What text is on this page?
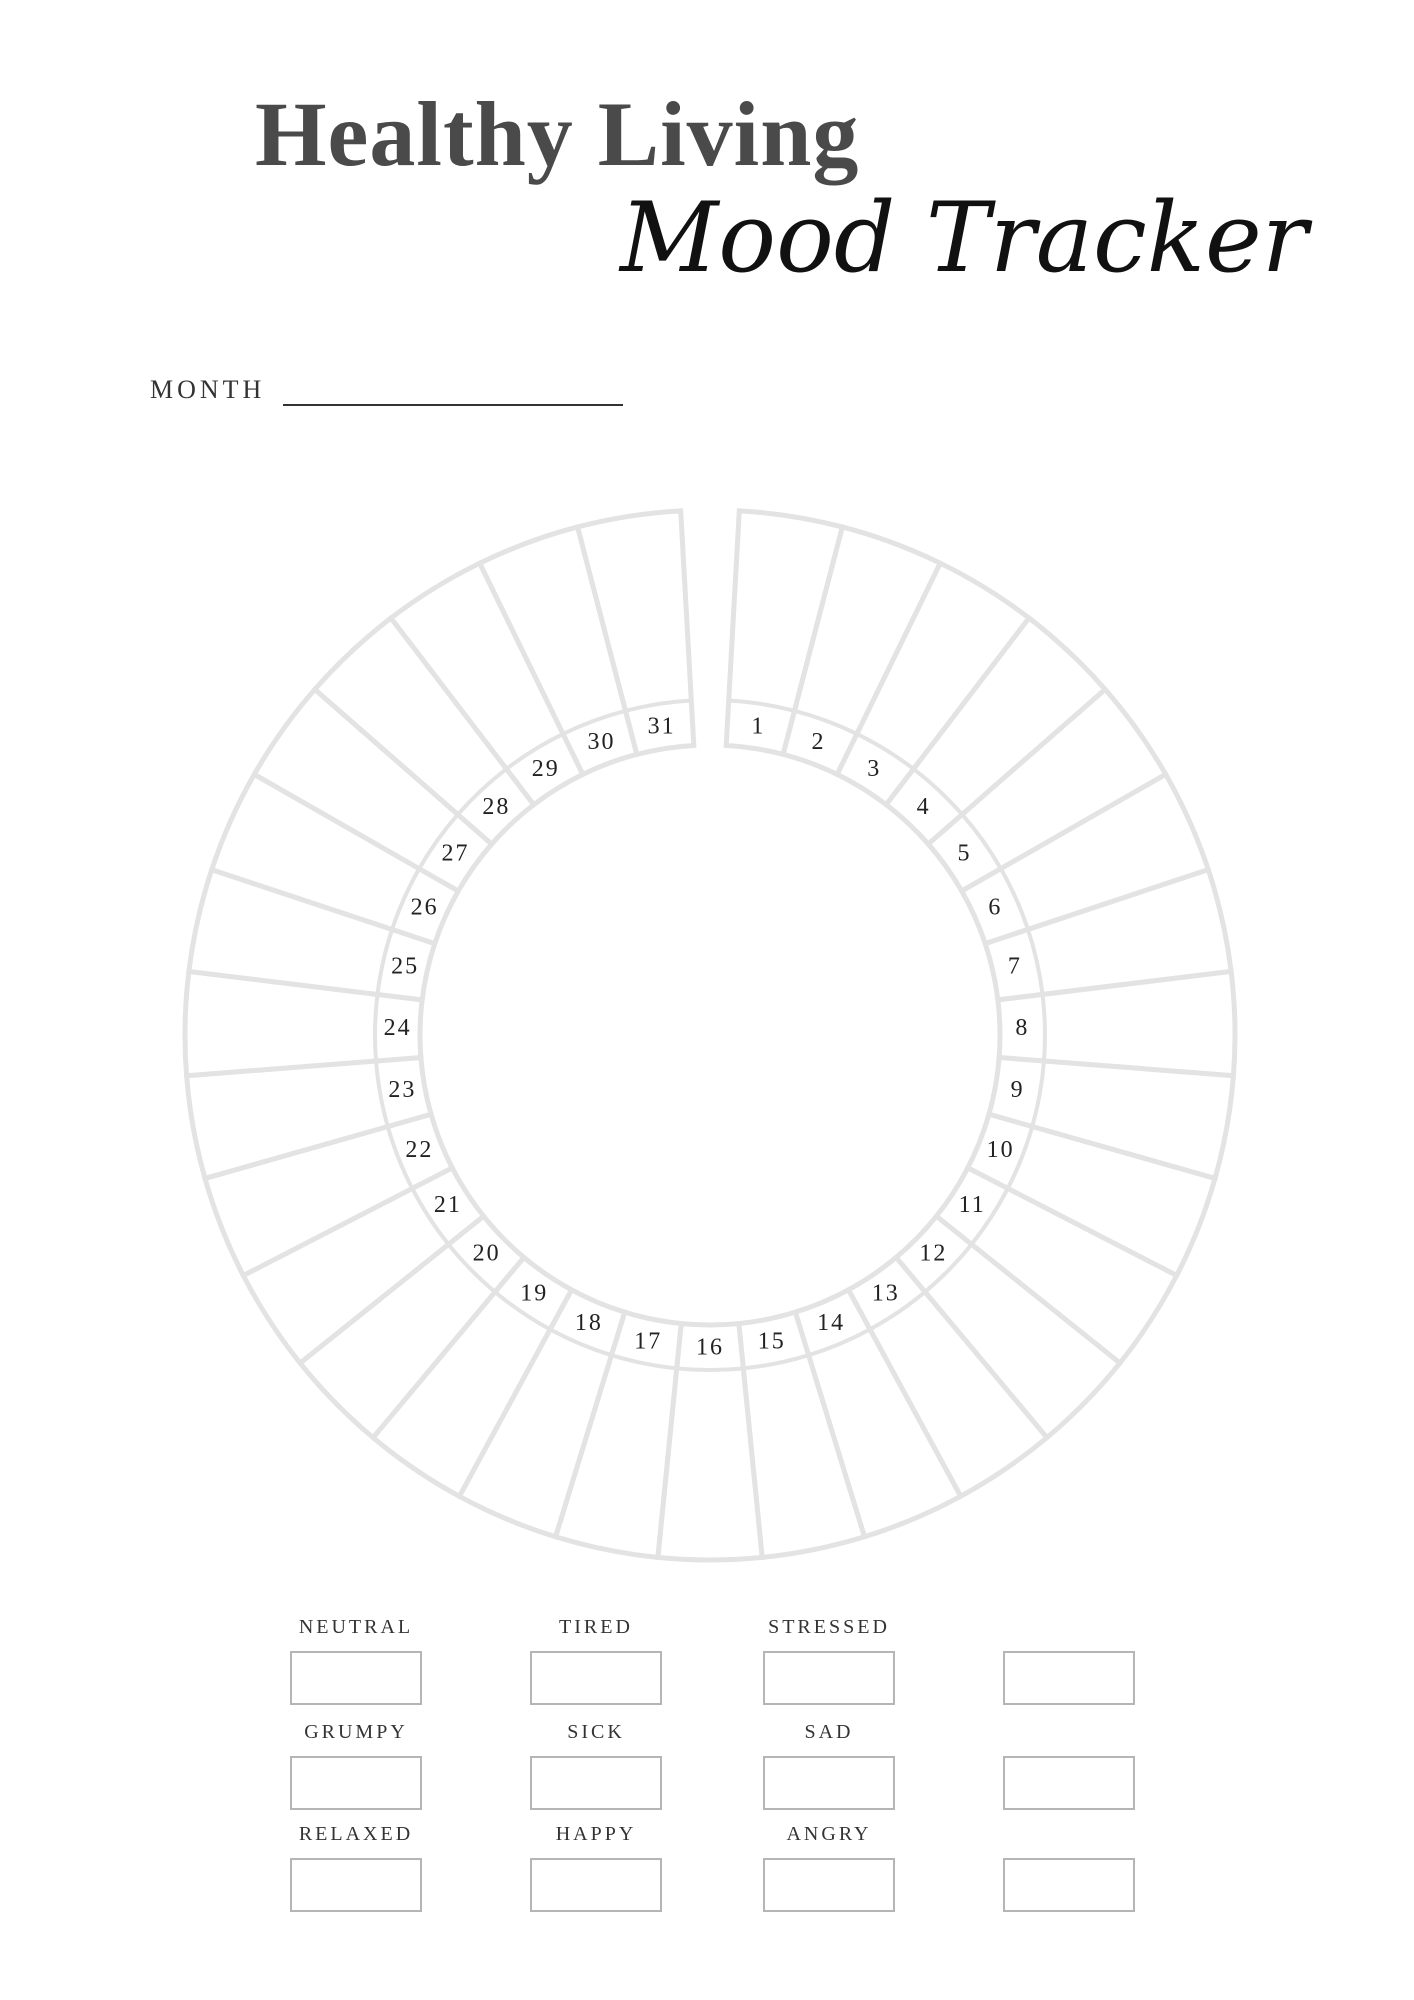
Healthy Living
Mood Tracker
MONTH
1
2
3
4
5
6
7
8
9
10
11
12
13
14
15
16
17
18
19
20
21
22
23
24
25
26
27
28
29
30
31
NEUTRAL	TIRED	STRESSED
GRUMPY	SICK	SAD
RELAXED	HAPPY	ANGRY
